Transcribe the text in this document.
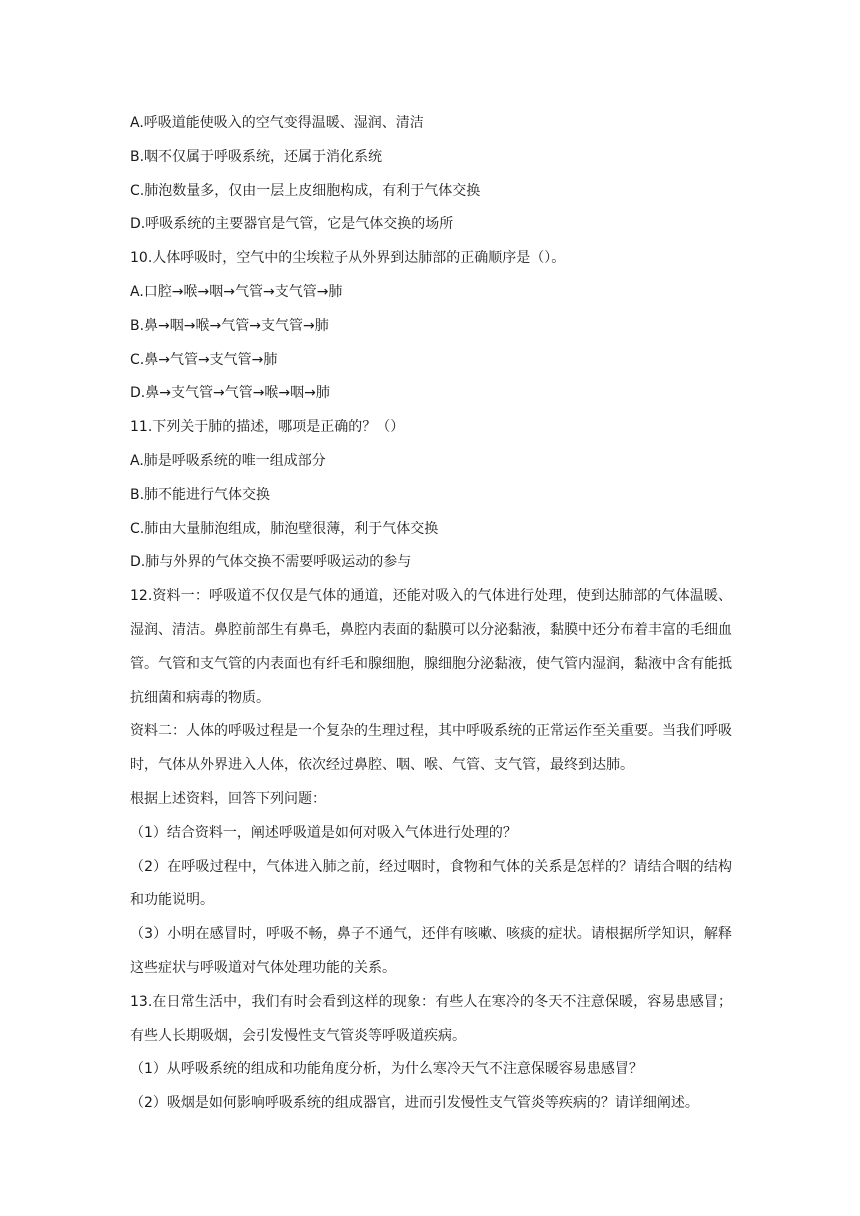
A.呼吸道能使吸入的空气变得温暖、湿润、清洁
B.咽不仅属于呼吸系统，还属于消化系统
C.肺泡数量多，仅由一层上皮细胞构成，有利于气体交换
D.呼吸系统的主要器官是气管，它是气体交换的场所
10.人体呼吸时，空气中的尘埃粒子从外界到达肺部的正确顺序是（）。
A.口腔→喉→咽→气管→支气管→肺
B.鼻→咽→喉→气管→支气管→肺
C.鼻→气管→支气管→肺
D.鼻→支气管→气管→喉→咽→肺
11.下列关于肺的描述，哪项是正确的？（）
A.肺是呼吸系统的唯一组成部分
B.肺不能进行气体交换
C.肺由大量肺泡组成，肺泡壁很薄，利于气体交换
D.肺与外界的气体交换不需要呼吸运动的参与
12.资料一：呼吸道不仅仅是气体的通道，还能对吸入的气体进行处理，使到达肺部的气体温暖、湿润、清洁。鼻腔前部生有鼻毛，鼻腔内表面的黏膜可以分泌黏液，黏膜中还分布着丰富的毛细血管。气管和支气管的内表面也有纤毛和腺细胞，腺细胞分泌黏液，使气管内湿润，黏液中含有能抵抗细菌和病毒的物质。
资料二：人体的呼吸过程是一个复杂的生理过程，其中呼吸系统的正常运作至关重要。当我们呼吸时，气体从外界进入人体，依次经过鼻腔、咽、喉、气管、支气管，最终到达肺。
根据上述资料，回答下列问题：
（1）结合资料一，阐述呼吸道是如何对吸入气体进行处理的？
（2）在呼吸过程中，气体进入肺之前，经过咽时，食物和气体的关系是怎样的？请结合咽的结构和功能说明。
（3）小明在感冒时，呼吸不畅，鼻子不通气，还伴有咳嗽、咳痰的症状。请根据所学知识，解释这些症状与呼吸道对气体处理功能的关系。
13.在日常生活中，我们有时会看到这样的现象：有些人在寒冷的冬天不注意保暖，容易患感冒；有些人长期吸烟，会引发慢性支气管炎等呼吸道疾病。
（1）从呼吸系统的组成和功能角度分析，为什么寒冷天气不注意保暖容易患感冒？
（2）吸烟是如何影响呼吸系统的组成器官，进而引发慢性支气管炎等疾病的？请详细阐述。
